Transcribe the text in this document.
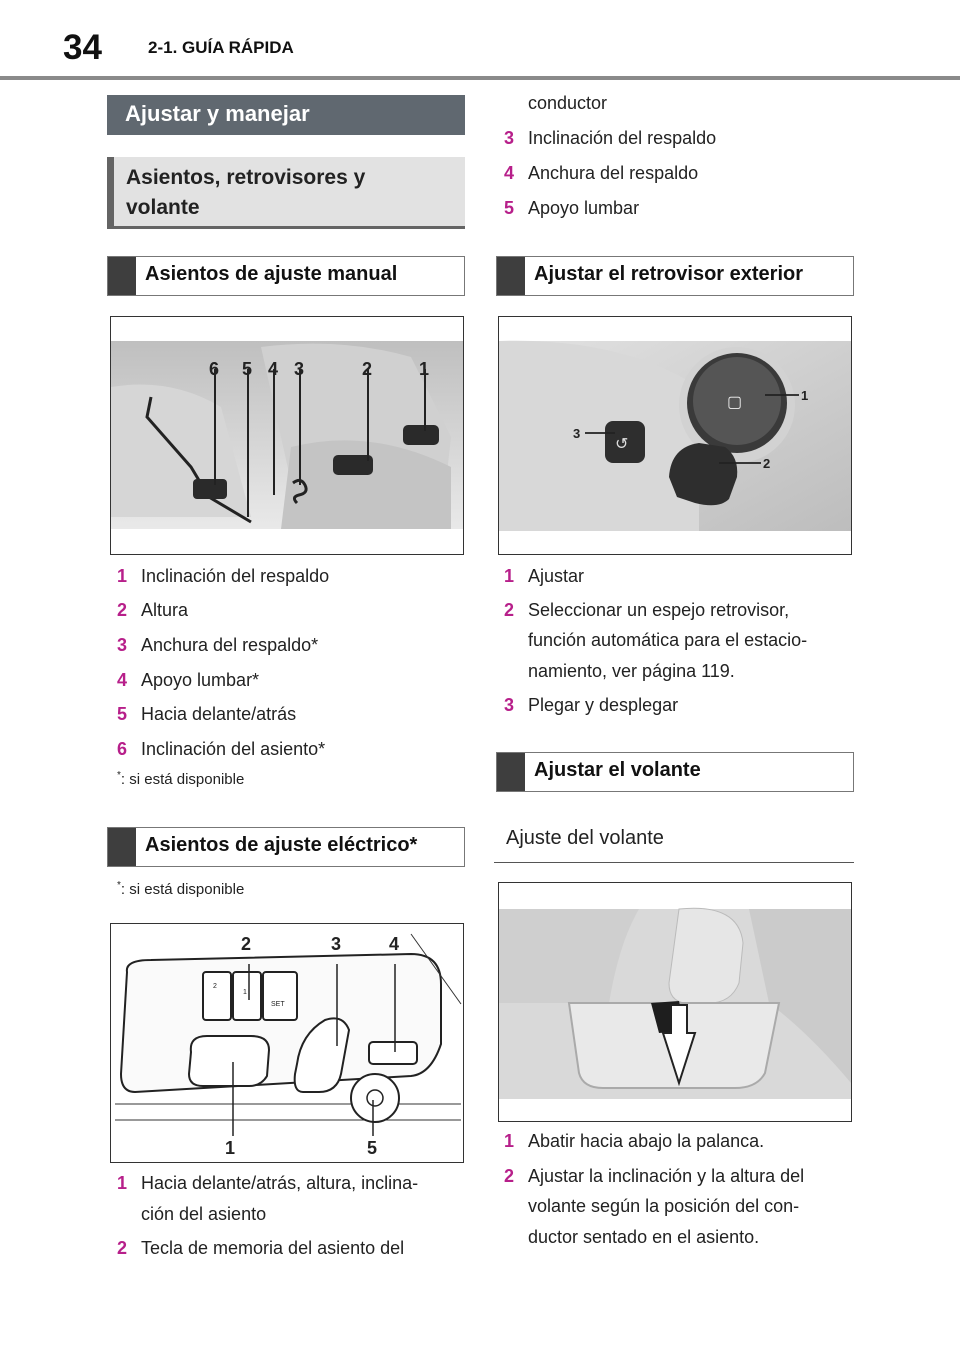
34	2-1. GUÍA RÁPIDA
Ajustar y manejar
Asientos, retrovisores y
volante
Asientos de ajuste manual
6 5 4 3	2	1
1 Inclinación del respaldo
2 Altura
3 Anchura del respaldo*
4 Apoyo lumbar*
5 Hacia delante/atrás
6 Inclinación del asiento*
*: si está disponible
Asientos de ajuste eléctrico*
*: si está disponible
2
1
SET
2	3	4
1	5
1 Hacia delante/atrás, altura, inclina-
ción del asiento
2 Tecla de memoria del asiento del
conductor
3 Inclinación del respaldo
4 Anchura del respaldo
5 Apoyo lumbar
Ajustar el retrovisor exterior
▢
↺
1
3
2
1 Ajustar
2 Seleccionar un espejo retrovisor,
función automática para el estacio-
namiento, ver página 119.
3 Plegar y desplegar
Ajustar el volante
Ajuste del volante
1 Abatir hacia abajo la palanca.
2 Ajustar la inclinación y la altura del
volante según la posición del con-
ductor sentado en el asiento.
